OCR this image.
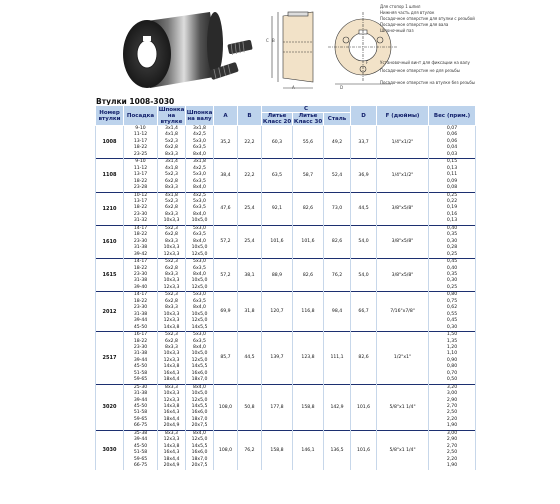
C B
A	D
F
Для стопор 1 шпил
Нижняя часть для втулок
Посадочное отверстие для втулки с резьбой
Посадочное отверстие для вала
Шпоночный паз
Установочный винт для фиксации на валу
Посадочное отверстие не для резьбы
Посадочное отверстие на втулке без резьбы
Втулки 1008-3030
Номер втулки	Посадка	Шпонка на втулке	Шпонка на валу	A	B	C			D	F (дюймы)	Вес (прим.)
						Литье Класс 20	Литье Класс 30	Сталь			
1008	9-10	3x1,4	3x1,8	35,2	22,2	60,3	55,6	49,2	33,7	1/4"x1/2"	0,07
	11-12	4x1,8	4x2,5								0,06
	13-17	5x2,3	5x3,0								0,06
	18-22	6x2,8	6x3,5								0,04
	23-25	8x3,3	8x4,0								0,03
1108	9-10	3x1,4	3x1,8	38,4	22,2	63,5	58,7	52,4	36,9	1/4"x1/2"	0,15
	11-12	4x1,8	4x2,5								0,13
	13-17	5x2,3	5x3,0								0,11
	18-22	6x2,8	6x3,5								0,09
	23-28	8x3,3	8x4,0								0,08
1210	10-12	4x1,8	4x2,5	47,6	25,4	92,1	82,6	73,0	44,5	3/8"x5/8"	0,25
	13-17	5x2,3	5x3,0								0,22
	18-22	6x2,8	6x3,5								0,19
	23-30	8x3,3	8x4,0								0,16
	31-32	10x3,3	10x5,0								0,13
1610	14-17	5x2,3	5x3,0	57,2	25,4	101,6	101,6	82,6	54,0	3/8"x5/8"	0,40
	18-22	6x2,8	6x3,5								0,35
	23-30	8x3,3	8x4,0								0,30
	31-38	10x3,3	10x5,0								0,28
	39-42	12x3,3	12x5,0								0,25
1615	14-17	5x2,3	5x3,0	57,2	38,1	88,9	82,6	76,2	54,0	3/8"x5/8"	0,45
	18-22	6x2,8	6x3,5								0,40
	23-30	8x3,3	8x4,0								0,35
	31-38	10x3,3	10x5,0								0,30
	39-40	12x3,3	12x5,0								0,25
2012	14-17	5x2,3	5x3,0	69,9	31,8	120,7	116,8	98,4	66,7	7/16"x7/8"	0,80
	18-22	6x2,8	6x3,5								0,75
	23-30	8x3,3	8x4,0								0,62
	31-38	10x3,3	10x5,0								0,55
	39-44	12x3,3	12x5,0								0,45
	45-50	14x3,8	14x5,5								0,30
2517	16-17	5x2,3	5x3,0	85,7	44,5	139,7	123,8	111,1	82,6	1/2"x1"	1,50
	18-22	6x2,8	6x3,5								1,35
	23-30	8x3,3	8x4,0								1,20
	31-38	10x3,3	10x5,0								1,10
	39-44	12x3,3	12x5,0								0,90
	45-50	14x3,8	14x5,5								0,80
	51-58	16x4,3	16x6,0								0,70
	59-65	18x4,4	18x7,0								0,50
3020	25-30	8x3,3	8x4,0	108,0	50,8	177,8	158,8	142,9	101,6	5/8"x1 1/4"	3,20
	31-38	10x3,3	10x5,0								3,00
	39-44	12x3,3	12x5,0								2,90
	45-50	14x3,8	14x5,5								2,70
	51-58	16x4,3	16x6,0								2,50
	59-65	18x4,4	18x7,0								2,20
	66-75	20x4,9	20x7,5								1,90
3030	35-38	8x3,3	8x4,0	108,0	76,2	158,8	146,1	136,5	101,6	5/8"x1 1/4"	3,00
	39-44	12x3,3	12x5,0								2,90
	45-50	14x3,8	14x5,5								2,70
	51-58	16x4,3	16x6,0								2,50
	59-65	18x4,4	18x7,0								2,20
	66-75	20x4,9	20x7,5								1,90
